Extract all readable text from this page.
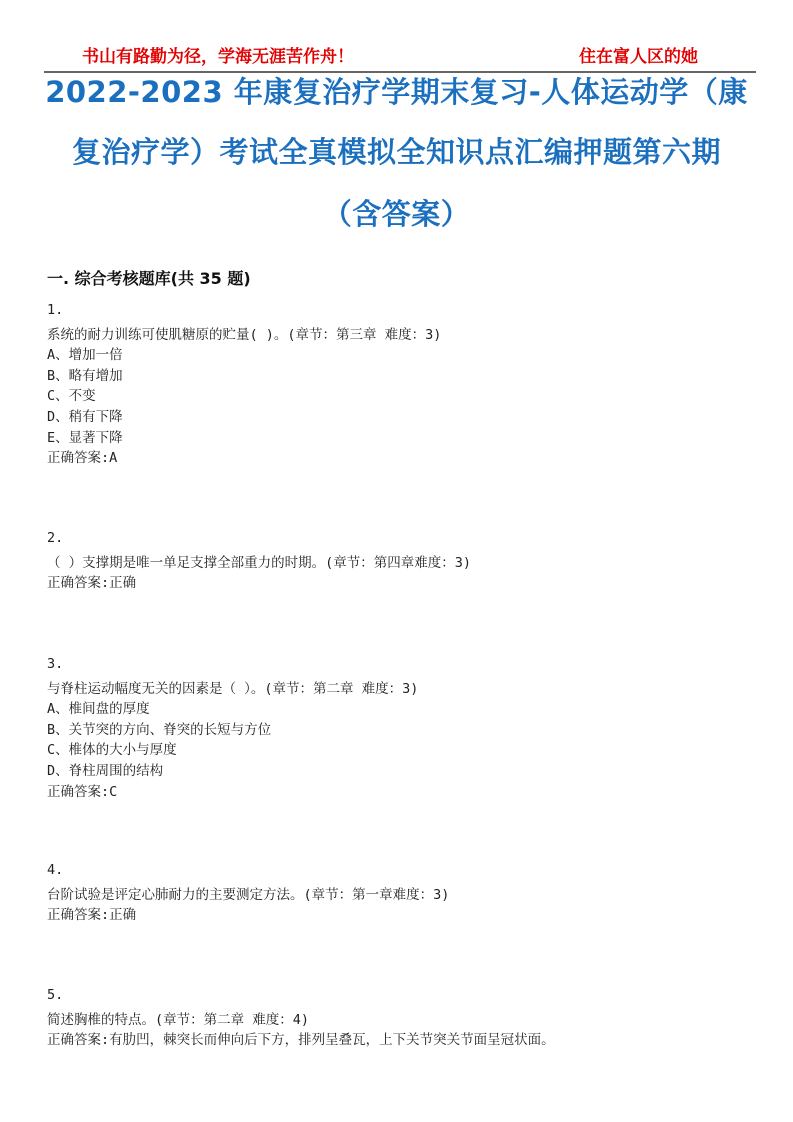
书山有路勤为径，学海无涯苦作舟！	住在富人区的她
2022-2023 年康复治疗学期末复习-人体运动学（康
复治疗学）考试全真模拟全知识点汇编押题第六期
（含答案）
一. 综合考核题库(共 35 题)
1.
系统的耐力训练可使肌糖原的贮量( )。(章节：第三章 难度：3)
A、增加一倍
B、略有增加
C、不变
D、稍有下降
E、显著下降
正确答案:A
2.
（ ）支撑期是唯一单足支撑全部重力的时期。(章节：第四章难度：3)
正确答案:正确
3.
与脊柱运动幅度无关的因素是（ ）。(章节：第二章 难度：3)
A、椎间盘的厚度
B、关节突的方向、脊突的长短与方位
C、椎体的大小与厚度
D、脊柱周围的结构
正确答案:C
4.
台阶试验是评定心肺耐力的主要测定方法。(章节：第一章难度：3)
正确答案:正确
5.
简述胸椎的特点。(章节：第二章 难度：4)
正确答案:有肋凹，棘突长而伸向后下方，排列呈叠瓦，上下关节突关节面呈冠状面。
